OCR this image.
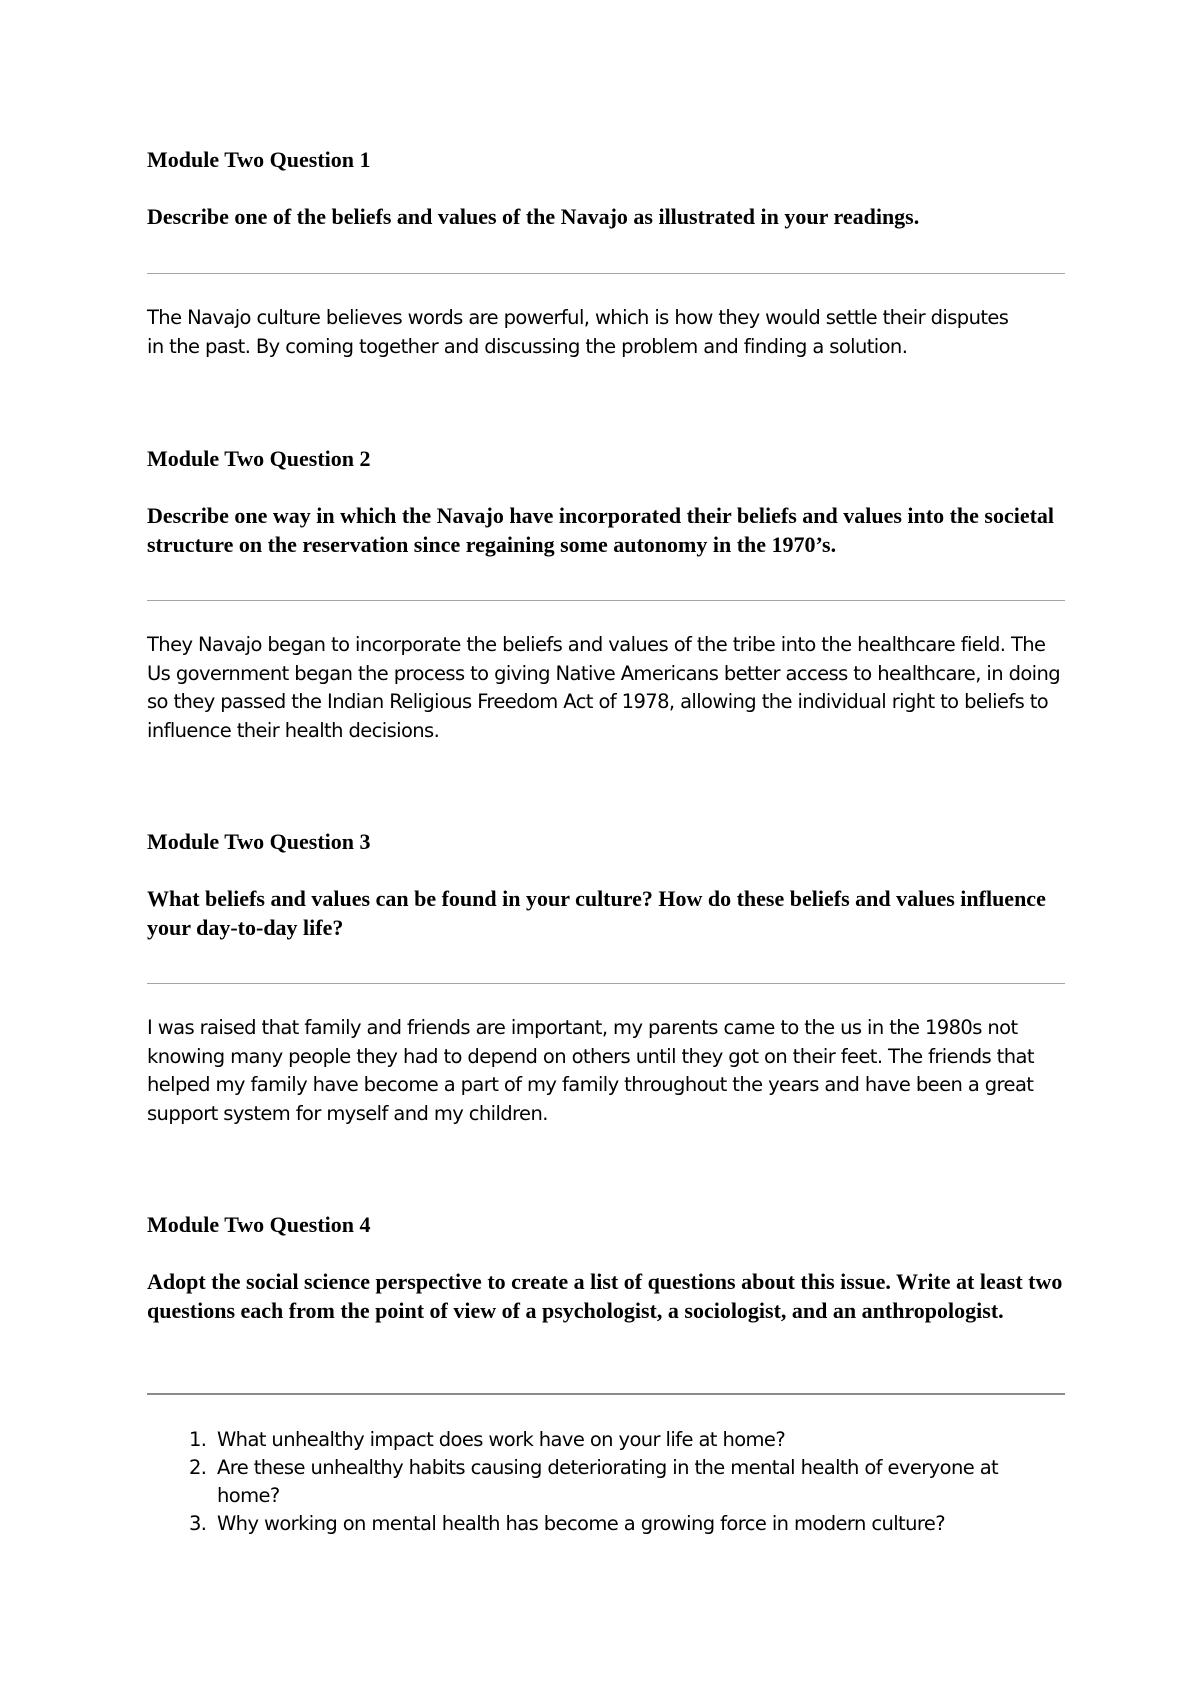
Module Two Question 1

Describe one of the beliefs and values of the Navajo as illustrated in your readings.

The Navajo culture believes words are powerful, which is how they would settle their disputes in the past. By coming together and discussing the problem and finding a solution.

Module Two Question 2

Describe one way in which the Navajo have incorporated their beliefs and values into the societal structure on the reservation since regaining some autonomy in the 1970’s.

They Navajo began to incorporate the beliefs and values of the tribe into the healthcare field. The Us government began the process to giving Native Americans better access to healthcare, in doing so they passed the Indian Religious Freedom Act of 1978, allowing the individual right to beliefs to influence their health decisions.

Module Two Question 3

What beliefs and values can be found in your culture? How do these beliefs and values influence your day-to-day life?

I was raised that family and friends are important, my parents came to the us in the 1980s not knowing many people they had to depend on others until they got on their feet. The friends that helped my family have become a part of my family throughout the years and have been a great support system for myself and my children.

Module Two Question 4

Adopt the social science perspective to create a list of questions about this issue. Write at least two questions each from the point of view of a psychologist, a sociologist, and an anthropologist.

1. What unhealthy impact does work have on your life at home?
2. Are these unhealthy habits causing deteriorating in the mental health of everyone at home?
3. Why working on mental health has become a growing force in modern culture?
